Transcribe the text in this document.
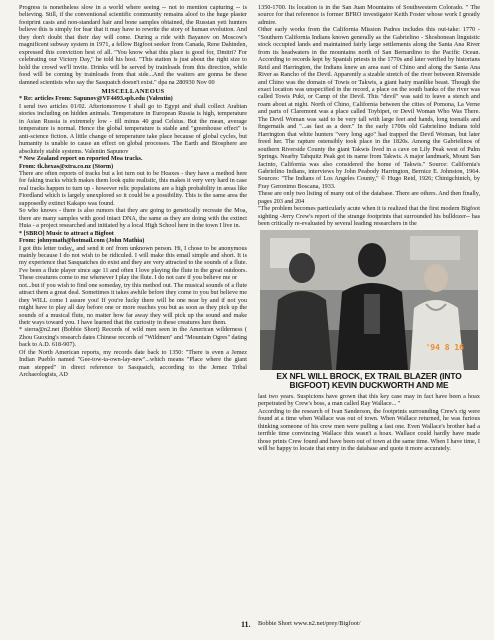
Progress is nonetheless slow in a world where seeing -- not to mention capturing -- is believing. Still, if the conventional scientific community remains aloof to the huge plaster footprint casts and non-standard hair and bone samples obtained, the Russian yeti hunters believe this is simply for fear that it may have to rewrite the story of human evolution. And they don't doubt that their day will come. During a ride with Bayanov on Moscow's magnificent subway system in 1971, a fellow Bigfoot seeker from Canada, Rene Dahinden, expressed this conviction best of all. "You know what this place is good for, Dmitri? For celebrating our Victory Day," he told his host. "This station is just about the right size to hold the crowd we'll invite. Drinks will be served by trainloads from this direction, while food will be coming by trainloads from that side...And the waiters are gonna be these damned scientists who say the Sasquatch doesn't exist." dpa na 280930 Nov 00

MISCELLANEOUS

* Re: articles From: Sapunov@VF4493.spb.edu (Valentin)

I send two articles 01/02. Aftertomorrow I shall go to Egypt and shall collect Arabian stories including on hidden animals. Temperature in European Russia is high, temperature in Asian Russia is extremely low - till minus 40 grad Celsius. But the mean, average temperature is normal. Hence the global temperature is stable and "greenhouse effect" is anti-science fiction. A little change of temperature take place because of global cycles, but humanity is unable to cause an effect on global processes. The Earth and Biosphere are absolutely stable systems. Valentin Sapunov

* New Zealand report on reported Moa tracks.

From: tk.hexas@xtra.co.nz (Storm)

There are often reports of tracks but a lot turn out to be Hoaxes - they have a method here for faking tracks which makes them look quite realistic, this makes it very very hard in case real tracks happen to turn up - however relic populations are a high probability in areas like Fiordland which is largely unexplored so it could be a possibility. This is the same area the supposedly extinct Kakapo was found.

So who knows - there is also rumors that they are going to genetically recreate the Moa, there are many samples with good intact DNA, the same as they are doing with the extinct Huia - a project researched and initiated by a local High School here in the town I live in.

* [SBRO] Music to attract a Bigfoot

From: johnymath@hotmail.com (John Mathia)

I got this letter today,, and send it on! from unknown person. Hi, I chose to be anonymous mainly because I do not wish to be ridiculed. I will make this email simple and short. It is my experience that Sasquatches do exist and they are very attracted to the sounds of a flute. I've been a flute player since age 11 and often I love playing the flute in the great outdoors. These creatures come to me whenever I play the flute. I do not care if you believe me or

not...but if you wish to find one someday, try this method out. The musical sounds of a flute attract them a great deal. Sometimes it takes awhile before they come to you but believe me they WILL come I assure you! If you're lucky there will be one near by and if not you might have to play all day before one or more reaches you but as soon as they pick up the sounds of a musical flute, no matter how far away they will pick up the sound and make their ways toward you. I have learned that the curiosity in these creatures lure them.

* sierra@n2.net (Bobbie Short) Records of wild men seen in the American wilderness ( Zhou Guoxing's research dates Chinese records of "Wildmen" and "Mountain Ogres" dating back to A.D. 618-907).

Of the North American reports, my records date back to 1350: "There is even a Jemez Indian Pueblo named "Gee-tow-ta-own-lay-new"...which means "Place where the giant man stepped" in direct reference to Sasquatch, according to the Jemez Tribal Archaeologists, AD

1350-1700. Its location is in the San Juan Mountains of Southwestern Colorado. " The source for that reference is former BFRO investigator Keith Foster whose work I greatly admire.

Other early works from the California Mission Padres includes this out-take: 1770 - "Southern California Indians known generally as the Gabrielino - Shoshonean linguistic stock occupied lands and maintained fairly large settlements along the Santa Ana River from its headwaters in the mountains north of San Bernardino to the Pacific Ocean. According to records kept by Spanish priests in the 1770s and later verified by historians Reid and Harrington, the Indians knew an area east of Chino and along the Santa Ana River as Rancho of the Devil. Apparently a sizable stretch of the river between Riverside and Chino was the domain of Towis or Takwis, a giant hairy manlike beast. Though the exact location was unspecified in the record, a place on the south banks of the river was called Towis Puki, or Camp of the Devil. This "devil" was said to leave a stench and roam about at night. North of Chino, California between the cities of Pomona, La Verne and parts of Claremont was a place called Toybipet, or Devil Woman Who Was There. The Devil Woman was said to be very tall with large feet and hands, long toenails and fingernails and "...as fast as a deer." In the early 1700s old Gabrielino Indians told Harrington that white hunters "very long ago" had trapped the Devil Woman, but later freed her. The rapture ostensibly took place in the 1820s. Among the Gabrielinos of southern Riverside County the giant Takwis lived in a cave on Lily Peak west of Palm Springs. Nearby Tahquitz Peak got its name from Takwis. A major landmark, Mount San Jacinto, California was also considered the home of Takwis." Source: California's Gabrielino Indians, interviews by John Peabody Harrington, Bernice E. Johnston, 1964. Sources: "The Indians of Los Angeles County," © Hugo Reid, 1926; Chinigchinich, by Fray Geronimo Boscana, 1933.

These are only two listing of many out of the database. There are others. And then finally, pages 203 and 204

"The problem becomes particularly acute when it is realized that the first modern Bigfoot sighting -Jerry Crew's report of the strange footprints that surrounded his bulldozer-- has been critically re-evaluated by several leading researchers in the

'94 8 16

EX NFL WILL BROCK, EX TRAIL BLAZER (INTO BIGFOOT) KEVIN DUCKWORTH AND ME

last two years. Suspicions have grown that this key case may in fact have been a hoax perpetrated by Crew's boss, a man called Ray Wallace... "

According to the research of Ivan Sanderson, the footprints surrounding Crew's rig were found at a time when Wallace was out of town. When Wallace returned, he was furious thinking someone of his crew men were pulling a fast one. Even Wallace's brother had a terrible time convincing Wallace this wasn't a hoax. Wallace could hardly have made those prints Crew found and have been out of town at the same time. When I have time, I will be happy to locate that entry in the database and quote it more accurately.

11. Bobbie Short www.n2.net/prey/Bigfoot/
